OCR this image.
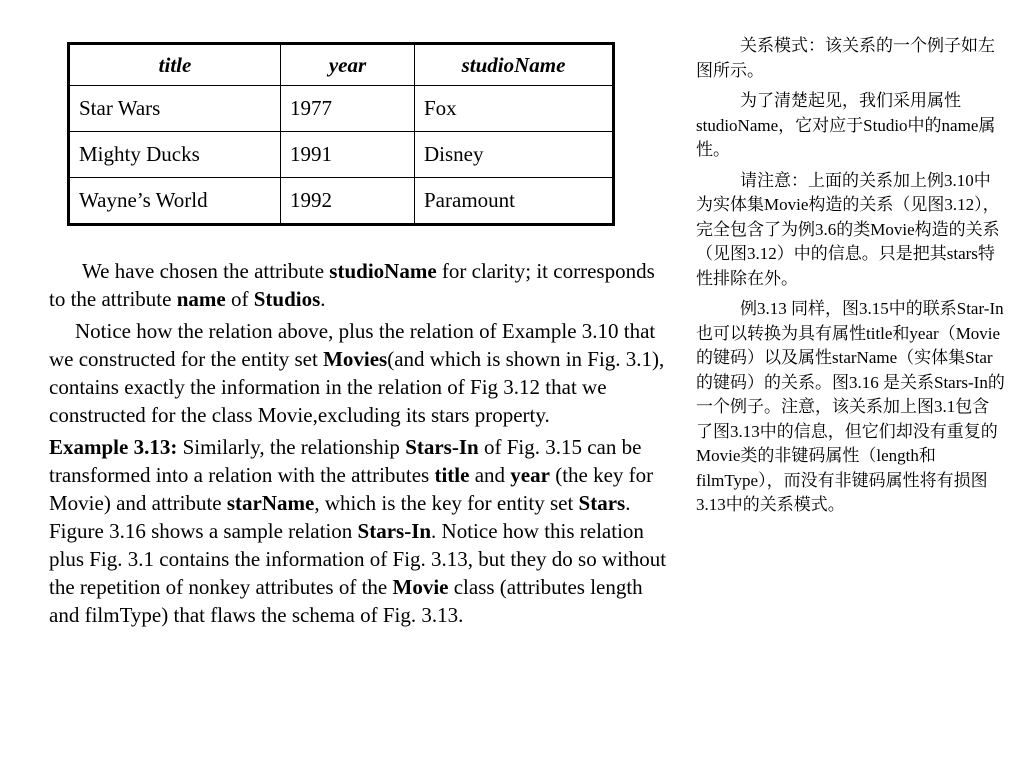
title	year	studioName
Star Wars	1977	Fox
Mighty Ducks	1991	Disney
Wayne’s World	1992	Paramount

We have chosen the attribute studioName for clarity; it corresponds to the attribute name of Studios.

Notice how the relation above, plus the relation of Example 3.10 that we constructed for the entity set Movies(and which is shown in Fig. 3.1), contains exactly the information in the relation of Fig 3.12 that we constructed for the class Movie,excluding its stars property.

Example 3.13: Similarly, the relationship Stars-In of Fig. 3.15 can be transformed into a relation with the attributes title and year (the key for Movie) and attribute starName, which is the key for entity set Stars. Figure 3.16 shows a sample relation Stars-In. Notice how this relation plus Fig. 3.1 contains the information of Fig. 3.13, but they do so without the repetition of nonkey attributes of the Movie class (attributes length and filmType) that flaws the schema of Fig. 3.13.

关系模式：该关系的一个例子如左图所示。

为了清楚起见，我们采用属性studioName，它对应于Studio中的name属性。

请注意：上面的关系加上例3.10中为实体集Movie构造的关系（见图3.12），完全包含了为例3.6的类Movie构造的关系（见图3.12）中的信息。只是把其stars特性排除在外。

例3.13 同样，图3.15中的联系Star-In也可以转换为具有属性title和year（Movie的键码）以及属性starName（实体集Star的键码）的关系。图3.16 是关系Stars-In的一个例子。注意，该关系加上图3.1包含了图3.13中的信息，但它们却没有重复的Movie类的非键码属性（length和filmType），而没有非键码属性将有损图3.13中的关系模式。
